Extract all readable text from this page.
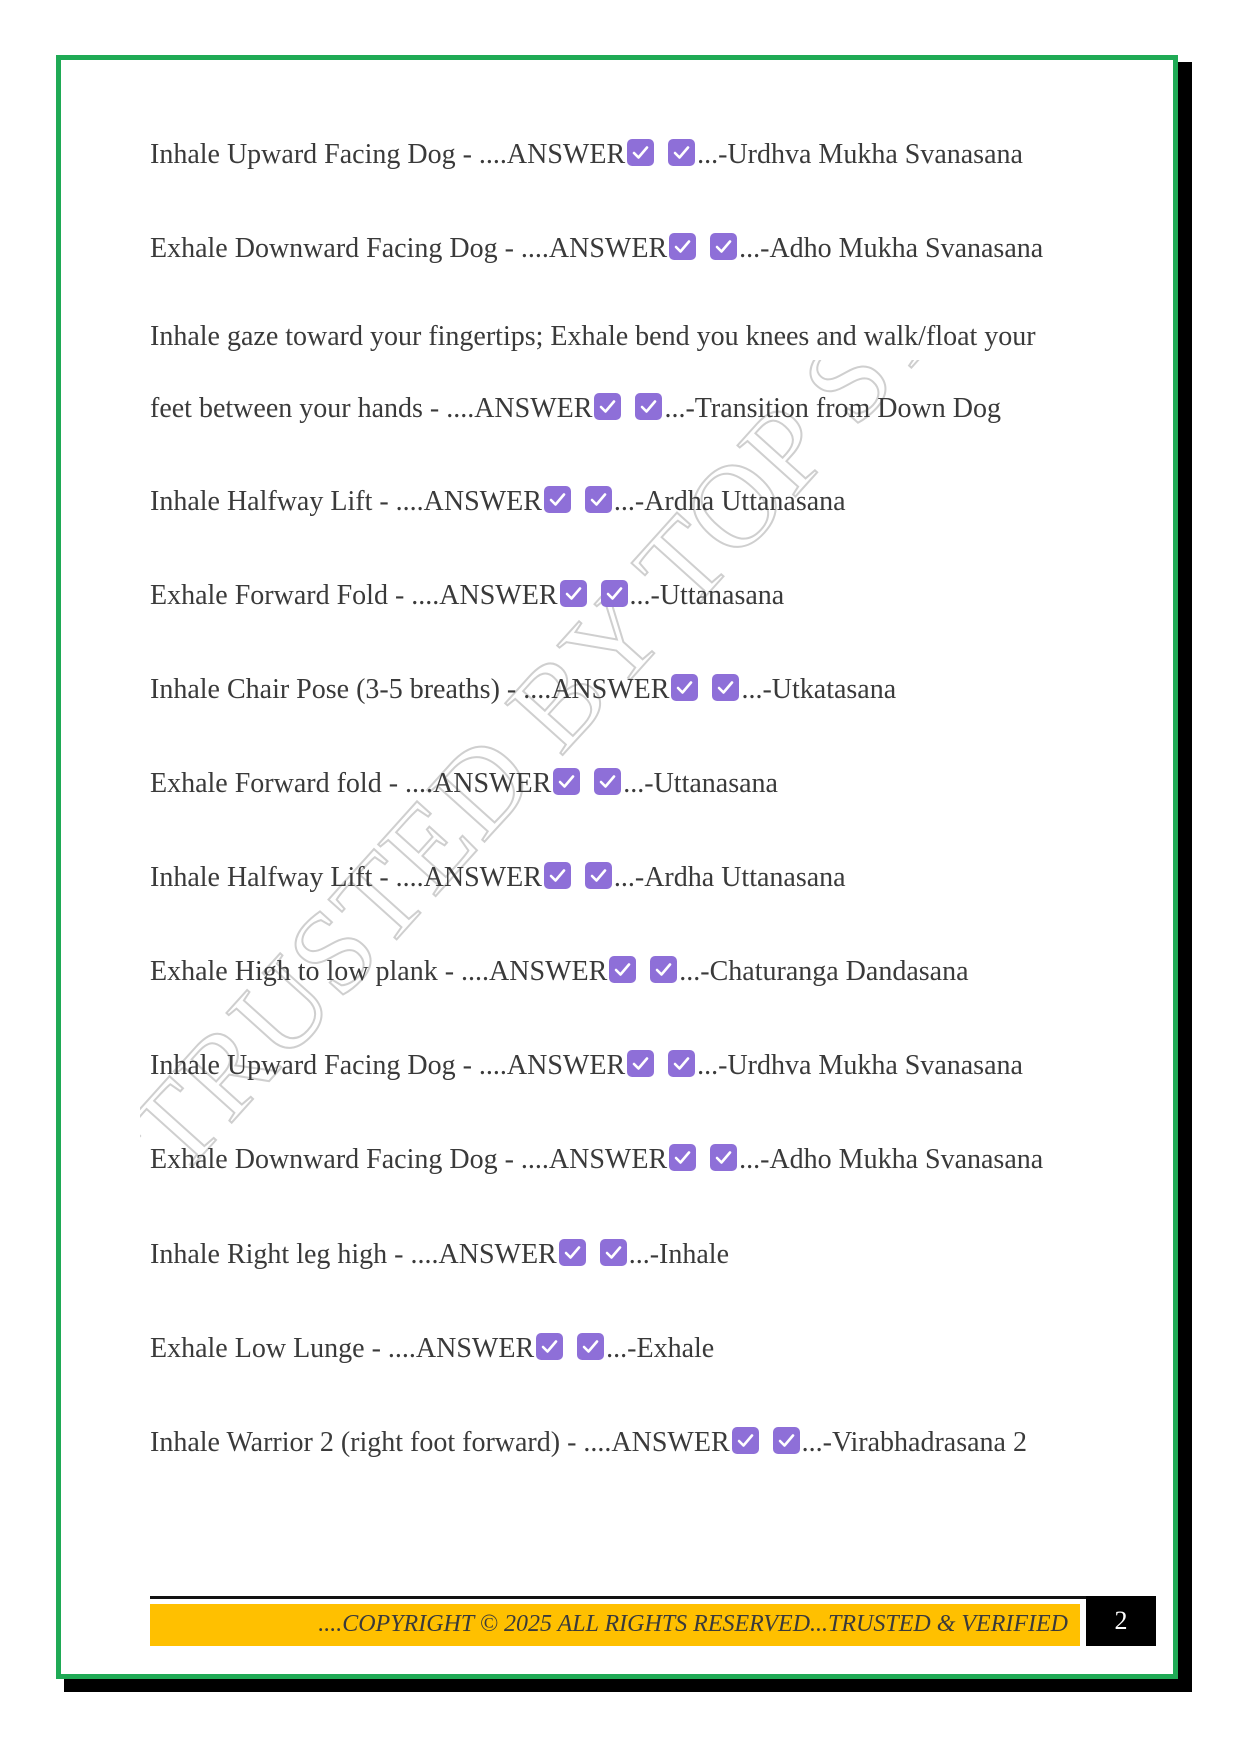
Inhale Upward Facing Dog - ....ANSWER	...-Urdhva Mukha Svanasana
Exhale Downward Facing Dog - ....ANSWER	...-Adho Mukha Svanasana
Inhale gaze toward your fingertips; Exhale bend you knees and walk/float your
feet between your hands - ....ANSWER	...-Transition from Down Dog
Inhale Halfway Lift - ....ANSWER	...-Ardha Uttanasana
Exhale Forward Fold - ....ANSWER	...-Uttanasana
Inhale Chair Pose (3-5 breaths) - ....ANSWER	...-Utkatasana
Exhale Forward fold - ....ANSWER	...-Uttanasana
Inhale Halfway Lift - ....ANSWER	...-Ardha Uttanasana
Exhale High to low plank - ....ANSWER	...-Chaturanga Dandasana
Inhale Upward Facing Dog - ....ANSWER	...-Urdhva Mukha Svanasana
Exhale Downward Facing Dog - ....ANSWER	...-Adho Mukha Svanasana
Inhale Right leg high - ....ANSWER	...-Inhale
Exhale Low Lunge - ....ANSWER	...-Exhale
Inhale Warrior 2 (right foot forward) - ....ANSWER	...-Virabhadrasana 2
....COPYRIGHT © 2025 ALL RIGHTS RESERVED...TRUSTED & VERIFIED	2
